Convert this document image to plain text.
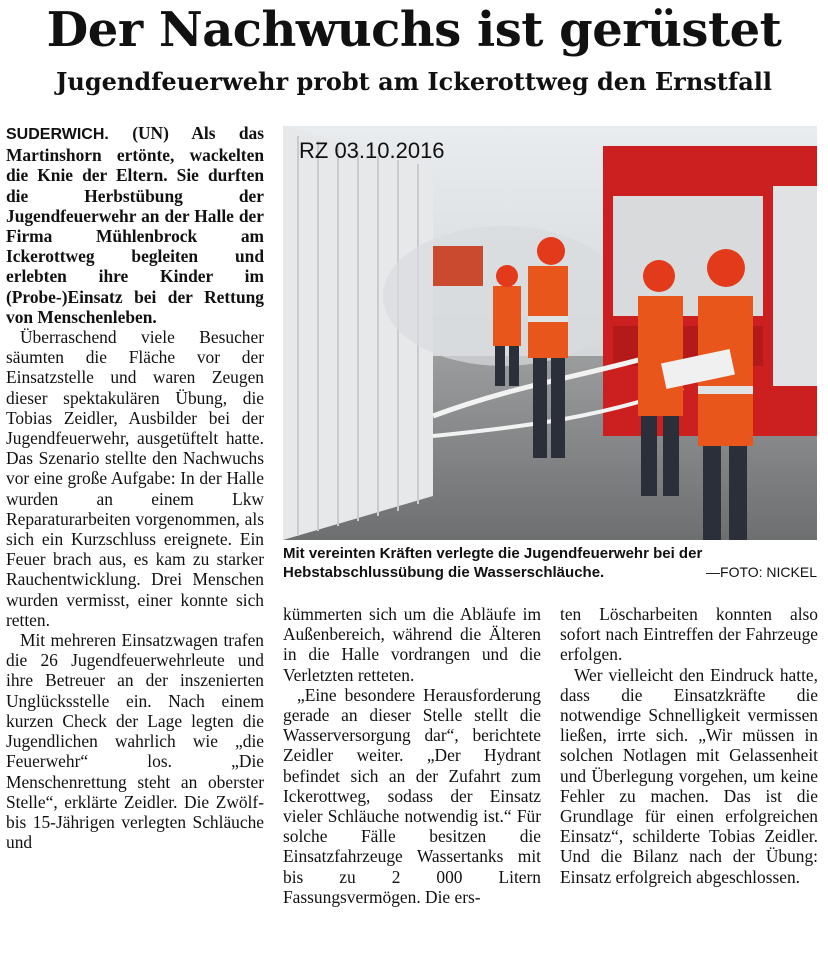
Der Nachwuchs ist gerüstet
Jugendfeuerwehr probt am Ickerottweg den Ernstfall

SUDERWICH. (UN) Als das Martinshorn ertönte, wackelten die Knie der Eltern. Sie durften die Herbstübung der Jugendfeuerwehr an der Halle der Firma Mühlenbrock am Ickerottweg begleiten und erlebten ihre Kinder im (Probe-)Einsatz bei der Rettung von Menschenleben.

Überraschend viele Besucher säumten die Fläche vor der Einsatzstelle und waren Zeugen dieser spektakulären Übung, die Tobias Zeidler, Ausbilder bei der Jugendfeuerwehr, ausgetüftelt hatte. Das Szenario stellte den Nachwuchs vor eine große Aufgabe: In der Halle wurden an einem Lkw Reparaturarbeiten vorgenommen, als sich ein Kurzschluss ereignete. Ein Feuer brach aus, es kam zu starker Rauchentwicklung. Drei Menschen wurden vermisst, einer konnte sich retten.

Mit mehreren Einsatzwagen trafen die 26 Jugendfeuerwehrleute und ihre Betreuer an der inszenierten Unglücksstelle ein. Nach einem kurzen Check der Lage legten die Jugendlichen wahrlich wie „die Feuerwehr“ los. „Die Menschenrettung steht an oberster Stelle“, erklärte Zeidler. Die Zwölf- bis 15-Jährigen verlegten Schläuche und

RZ 03.10.2016
Mit vereinten Kräften verlegte die Jugendfeuerwehr bei der Hebstabschlussübung die Wasserschläuche.	—FOTO: NICKEL

kümmerten sich um die Abläufe im Außenbereich, während die Älteren in die Halle vordrangen und die Verletzten retteten.

„Eine besondere Herausforderung gerade an dieser Stelle stellt die Wasserversorgung dar“, berichtete Zeidler weiter. „Der Hydrant befindet sich an der Zufahrt zum Ickerottweg, sodass der Einsatz vieler Schläuche notwendig ist.“ Für solche Fälle besitzen die Einsatzfahrzeuge Wassertanks mit bis zu 2 000 Litern Fassungsvermögen. Die ers-

ten Löscharbeiten konnten also sofort nach Eintreffen der Fahrzeuge erfolgen.

Wer vielleicht den Eindruck hatte, dass die Einsatzkräfte die notwendige Schnelligkeit vermissen ließen, irrte sich. „Wir müssen in solchen Notlagen mit Gelassenheit und Überlegung vorgehen, um keine Fehler zu machen. Das ist die Grundlage für einen erfolgreichen Einsatz“, schilderte Tobias Zeidler. Und die Bilanz nach der Übung: Einsatz erfolgreich abgeschlossen.
